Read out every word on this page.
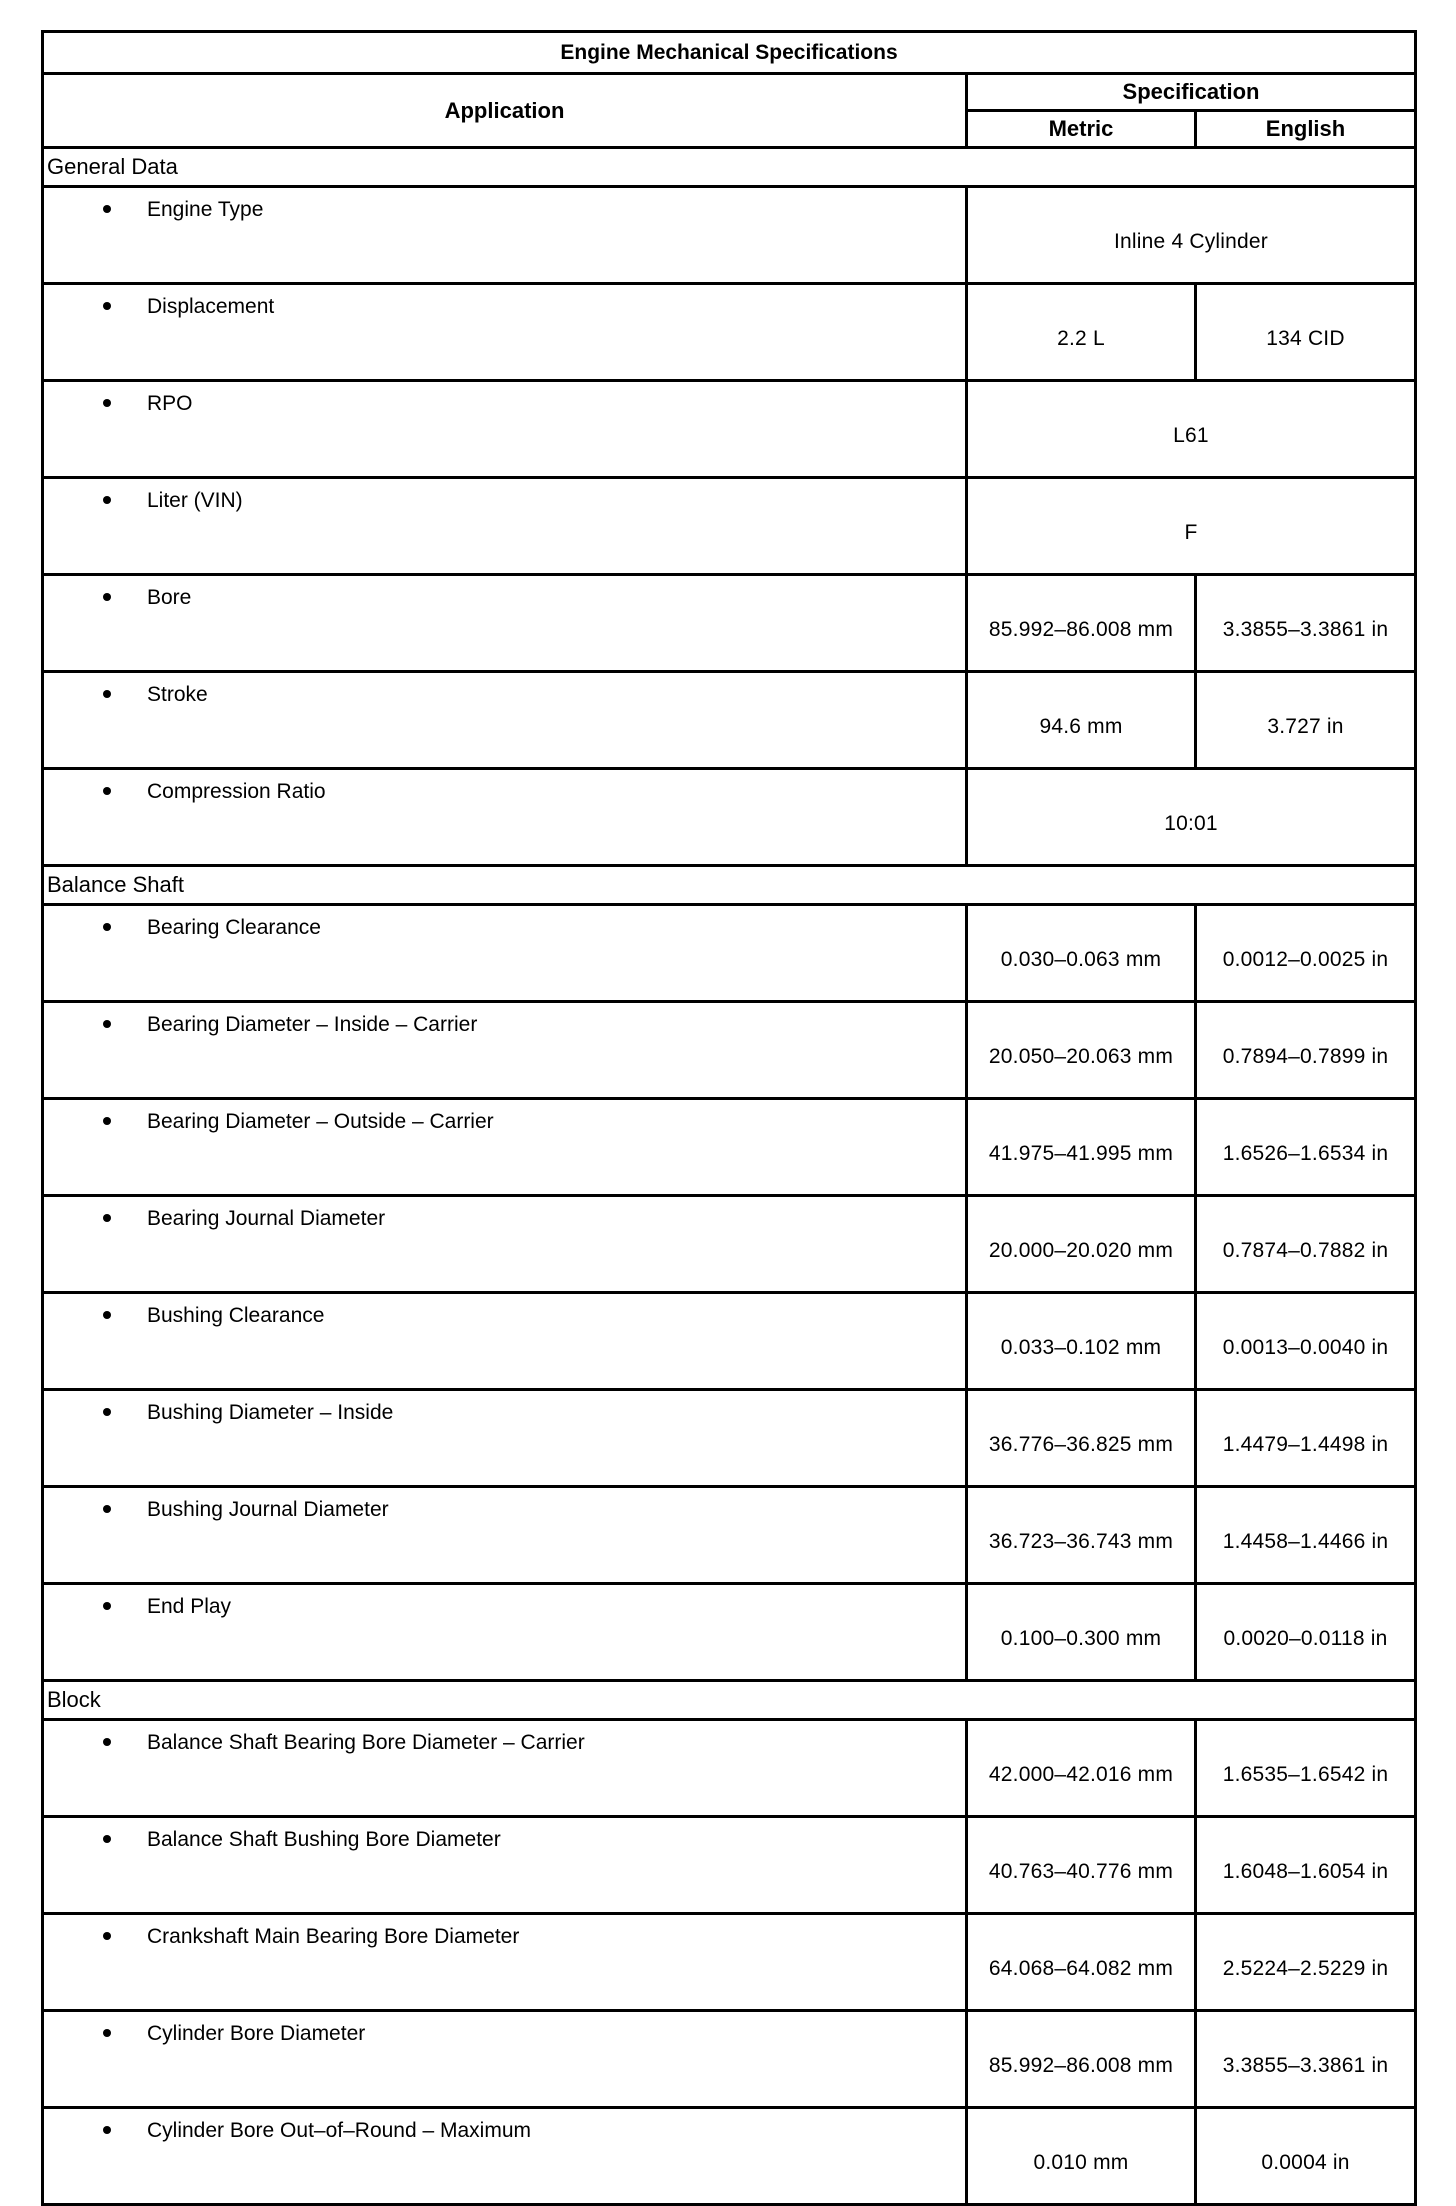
Engine Mechanical Specifications		
Application	Specification	
	Metric	English
General Data		
Engine Type	Inline 4 Cylinder	
Displacement	2.2 L	134 CID
RPO	L61	
Liter (VIN)	F	
Bore	85.992–86.008 mm	3.3855–3.3861 in
Stroke	94.6 mm	3.727 in
Compression Ratio	10:01	
Balance Shaft		
Bearing Clearance	0.030–0.063 mm	0.0012–0.0025 in
Bearing Diameter – Inside – Carrier	20.050–20.063 mm	0.7894–0.7899 in
Bearing Diameter – Outside – Carrier	41.975–41.995 mm	1.6526–1.6534 in
Bearing Journal Diameter	20.000–20.020 mm	0.7874–0.7882 in
Bushing Clearance	0.033–0.102 mm	0.0013–0.0040 in
Bushing Diameter – Inside	36.776–36.825 mm	1.4479–1.4498 in
Bushing Journal Diameter	36.723–36.743 mm	1.4458–1.4466 in
End Play	0.100–0.300 mm	0.0020–0.0118 in
Block		
Balance Shaft Bearing Bore Diameter – Carrier	42.000–42.016 mm	1.6535–1.6542 in
Balance Shaft Bushing Bore Diameter	40.763–40.776 mm	1.6048–1.6054 in
Crankshaft Main Bearing Bore Diameter	64.068–64.082 mm	2.5224–2.5229 in
Cylinder Bore Diameter	85.992–86.008 mm	3.3855–3.3861 in
Cylinder Bore Out–of–Round – Maximum	0.010 mm	0.0004 in
